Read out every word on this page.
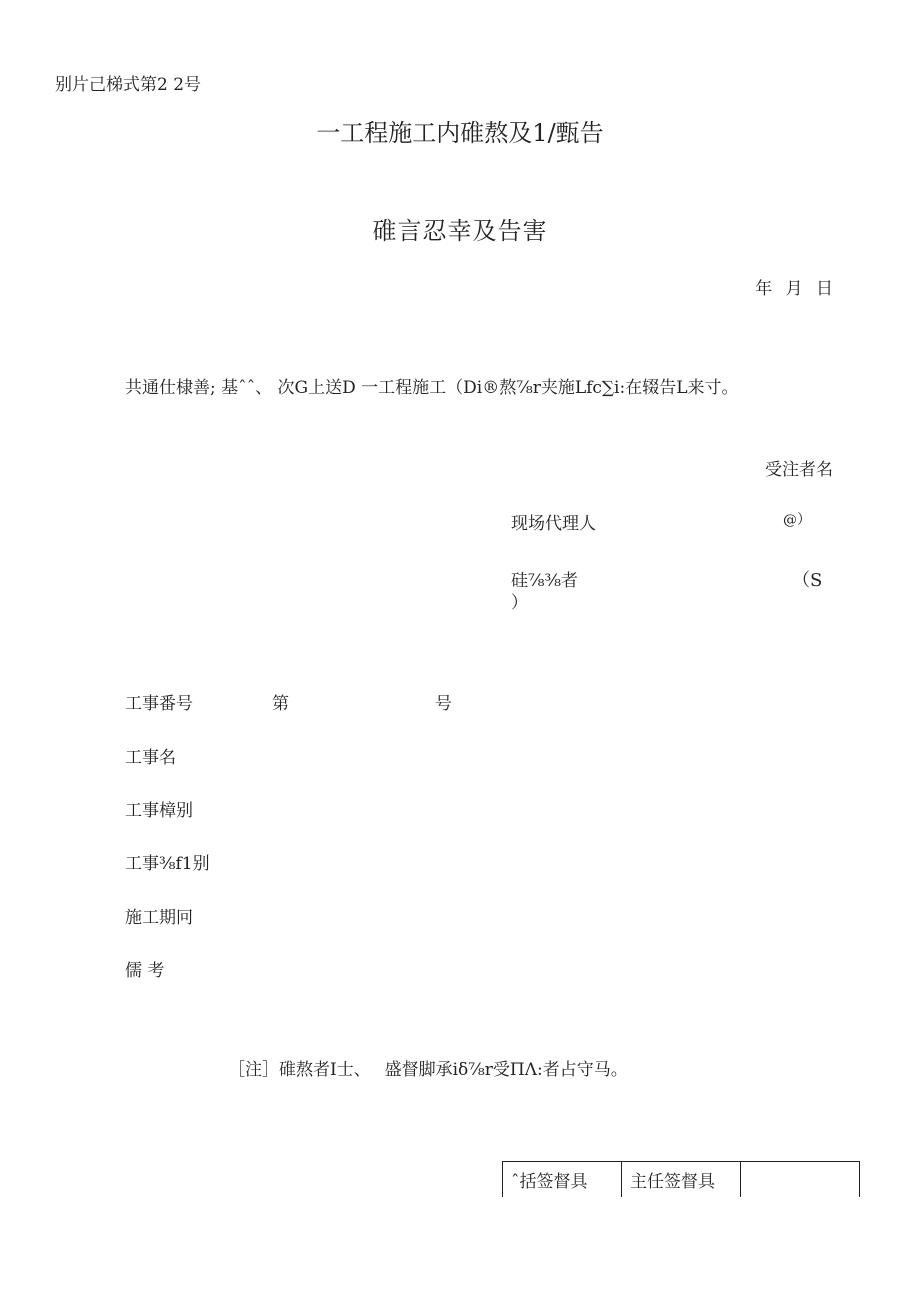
别片己梯式第2 2号
一工程施工内碓熬及1/甄告
碓言忍幸及告害
年 月 日
共通仕棣善; 基ˆˆ、 次G上送D 一工程施工（Di®熬⅞r夹施Lfc∑i:在辍告L来寸。
受注者名
现场代理人	@）
硅⅞⅜者	（S
）
工事番号	第	号
工事名
工事樟别
工事⅜f1别
施工期冋
儒 考
［注］碓熬者I士、　 盛督脚承iδ⅞r受ΠΛ:者占守马。
ˆ括签督具	主任签督具	
